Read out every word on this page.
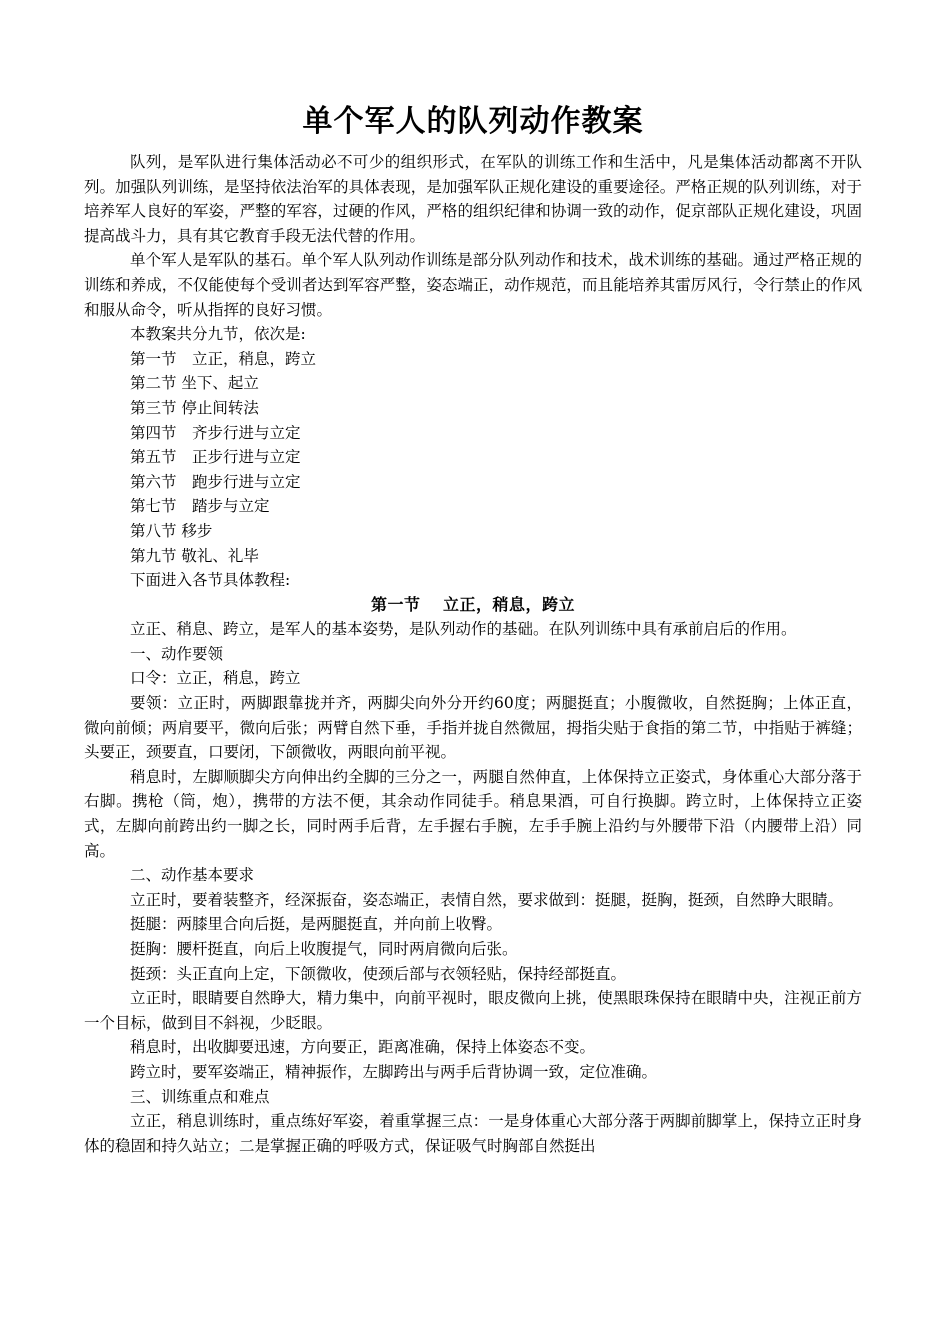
单个军人的队列动作教案

队列，是军队进行集体活动必不可少的组织形式，在军队的训练工作和生活中，凡是集体活动都离不开队列。加强队列训练，是坚持依法治军的具体表现，是加强军队正规化建设的重要途径。严格正规的队列训练，对于培养军人良好的军姿，严整的军容，过硬的作风，严格的组织纪律和协调一致的动作，促京部队正规化建设，巩固提高战斗力，具有其它教育手段无法代替的作用。

单个军人是军队的基石。单个军人队列动作训练是部分队列动作和技术，战术训练的基础。通过严格正规的训练和养成，不仅能使每个受训者达到军容严整，姿态端正，动作规范，而且能培养其雷厉风行，令行禁止的作风和服从命令，听从指挥的良好习惯。

本教案共分九节，依次是:

第一节　立正，稍息，跨立

第二节 坐下、起立

第三节 停止间转法

第四节　齐步行进与立定

第五节　正步行进与立定

第六节　跑步行进与立定

第七节　踏步与立定

第八节 移步

第九节 敬礼、礼毕

下面进入各节具体教程:

第一节　 立正，稍息，跨立

立正、稍息、跨立，是军人的基本姿势，是队列动作的基础。在队列训练中具有承前启后的作用。

一、动作要领

口令：立正，稍息，跨立

要领：立正时，两脚跟靠拢并齐，两脚尖向外分开约60度；两腿挺直；小腹微收，自然挺胸；上体正直，微向前倾；两肩要平，微向后张；两臂自然下垂，手指并拢自然微屈，拇指尖贴于食指的第二节，中指贴于裤缝；头要正，颈要直，口要闭，下颌微收，两眼向前平视。

稍息时，左脚顺脚尖方向伸出约全脚的三分之一，两腿自然伸直，上体保持立正姿式，身体重心大部分落于右脚。携枪（筒，炮），携带的方法不便，其余动作同徒手。稍息果酒，可自行换脚。跨立时，上体保持立正姿式，左脚向前跨出约一脚之长，同时两手后背，左手握右手腕，左手手腕上沿约与外腰带下沿（内腰带上沿）同高。

二、动作基本要求

立正时，要着装整齐，经深振奋，姿态端正，表情自然，要求做到：挺腿，挺胸，挺颈，自然睁大眼睛。

挺腿：两膝里合向后挺，是两腿挺直，并向前上收臀。

挺胸：腰杆挺直，向后上收腹提气，同时两肩微向后张。

挺颈：头正直向上定，下颌微收，使颈后部与衣领轻贴，保持经部挺直。

立正时，眼睛要自然睁大，精力集中，向前平视时，眼皮微向上挑，使黑眼珠保持在眼睛中央，注视正前方一个目标，做到目不斜视，少眨眼。

稍息时，出收脚要迅速，方向要正，距离准确，保持上体姿态不变。

跨立时，要军姿端正，精神振作，左脚跨出与两手后背协调一致，定位准确。

三、训练重点和难点

立正，稍息训练时，重点练好军姿，着重掌握三点：一是身体重心大部分落于两脚前脚掌上，保持立正时身体的稳固和持久站立；二是掌握正确的呼吸方式，保证吸气时胸部自然挺出
